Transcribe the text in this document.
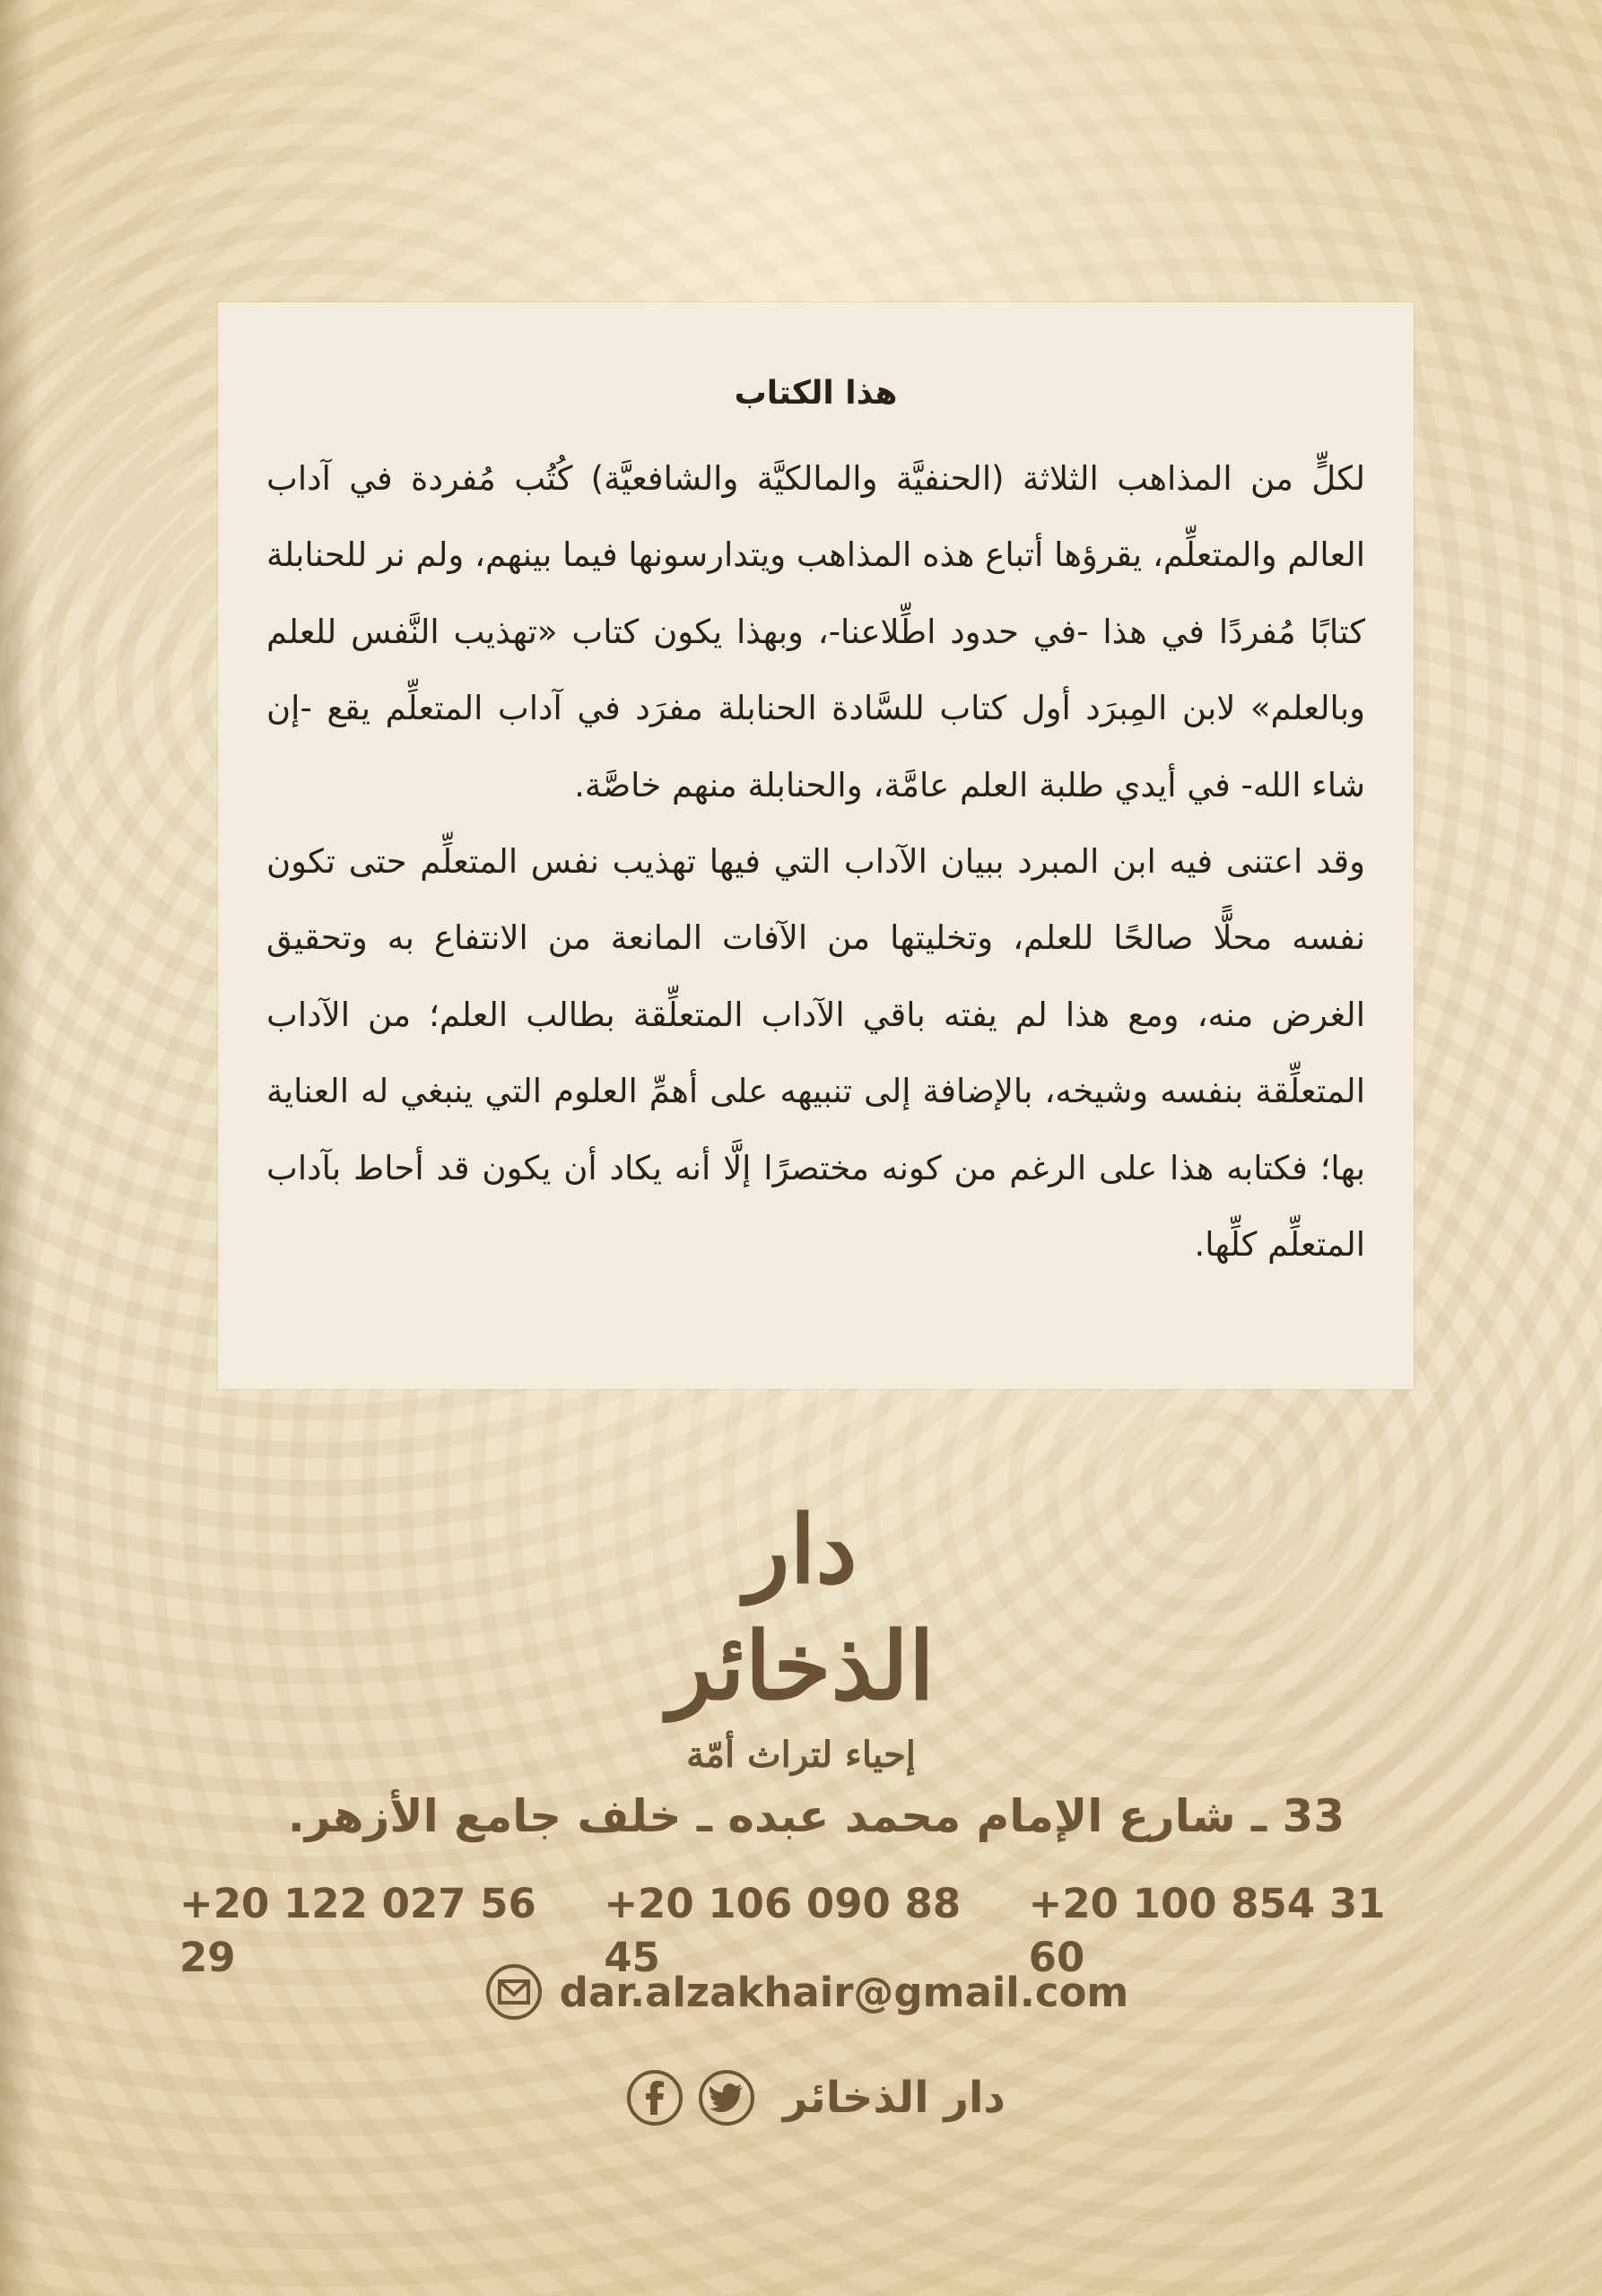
هذا الكتاب

لكلٍّ من المذاهب الثلاثة (الحنفيَّة والمالكيَّة والشافعيَّة) كُتُب مُفردة في آداب العالم والمتعلِّم، يقرؤها أتباع هذه المذاهب ويتدارسونها فيما بينهم، ولم نر للحنابلة كتابًا مُفردًا في هذا -في حدود اطِّلاعنا-، وبهذا يكون كتاب «تهذيب النَّفس للعلم وبالعلم» لابن المِبرَد أول كتاب للسَّادة الحنابلة مفرَد في آداب المتعلِّم يقع -إن شاء الله- في أيدي طلبة العلم عامَّة، والحنابلة منهم خاصَّة.

وقد اعتنى فيه ابن المبرد ببيان الآداب التي فيها تهذيب نفس المتعلِّم حتى تكون نفسه محلًّا صالحًا للعلم، وتخليتها من الآفات المانعة من الانتفاع به وتحقيق الغرض منه، ومع هذا لم يفته باقي الآداب المتعلِّقة بطالب العلم؛ من الآداب المتعلِّقة بنفسه وشيخه، بالإضافة إلى تنبيهه على أهمِّ العلوم التي ينبغي له العناية بها؛ فكتابه هذا على الرغم من كونه مختصرًا إلَّا أنه يكاد أن يكون قد أحاط بآداب المتعلِّم كلِّها.

دار الذخائر
إحياء لتراث أمّة
33 ـ شارع الإمام محمد عبده ـ خلف جامع الأزهر.
+20 122 027 56 29
+20 106 090 88 45
+20 100 854 31 60
dar.alzakhair@gmail.com
دار الذخائر
